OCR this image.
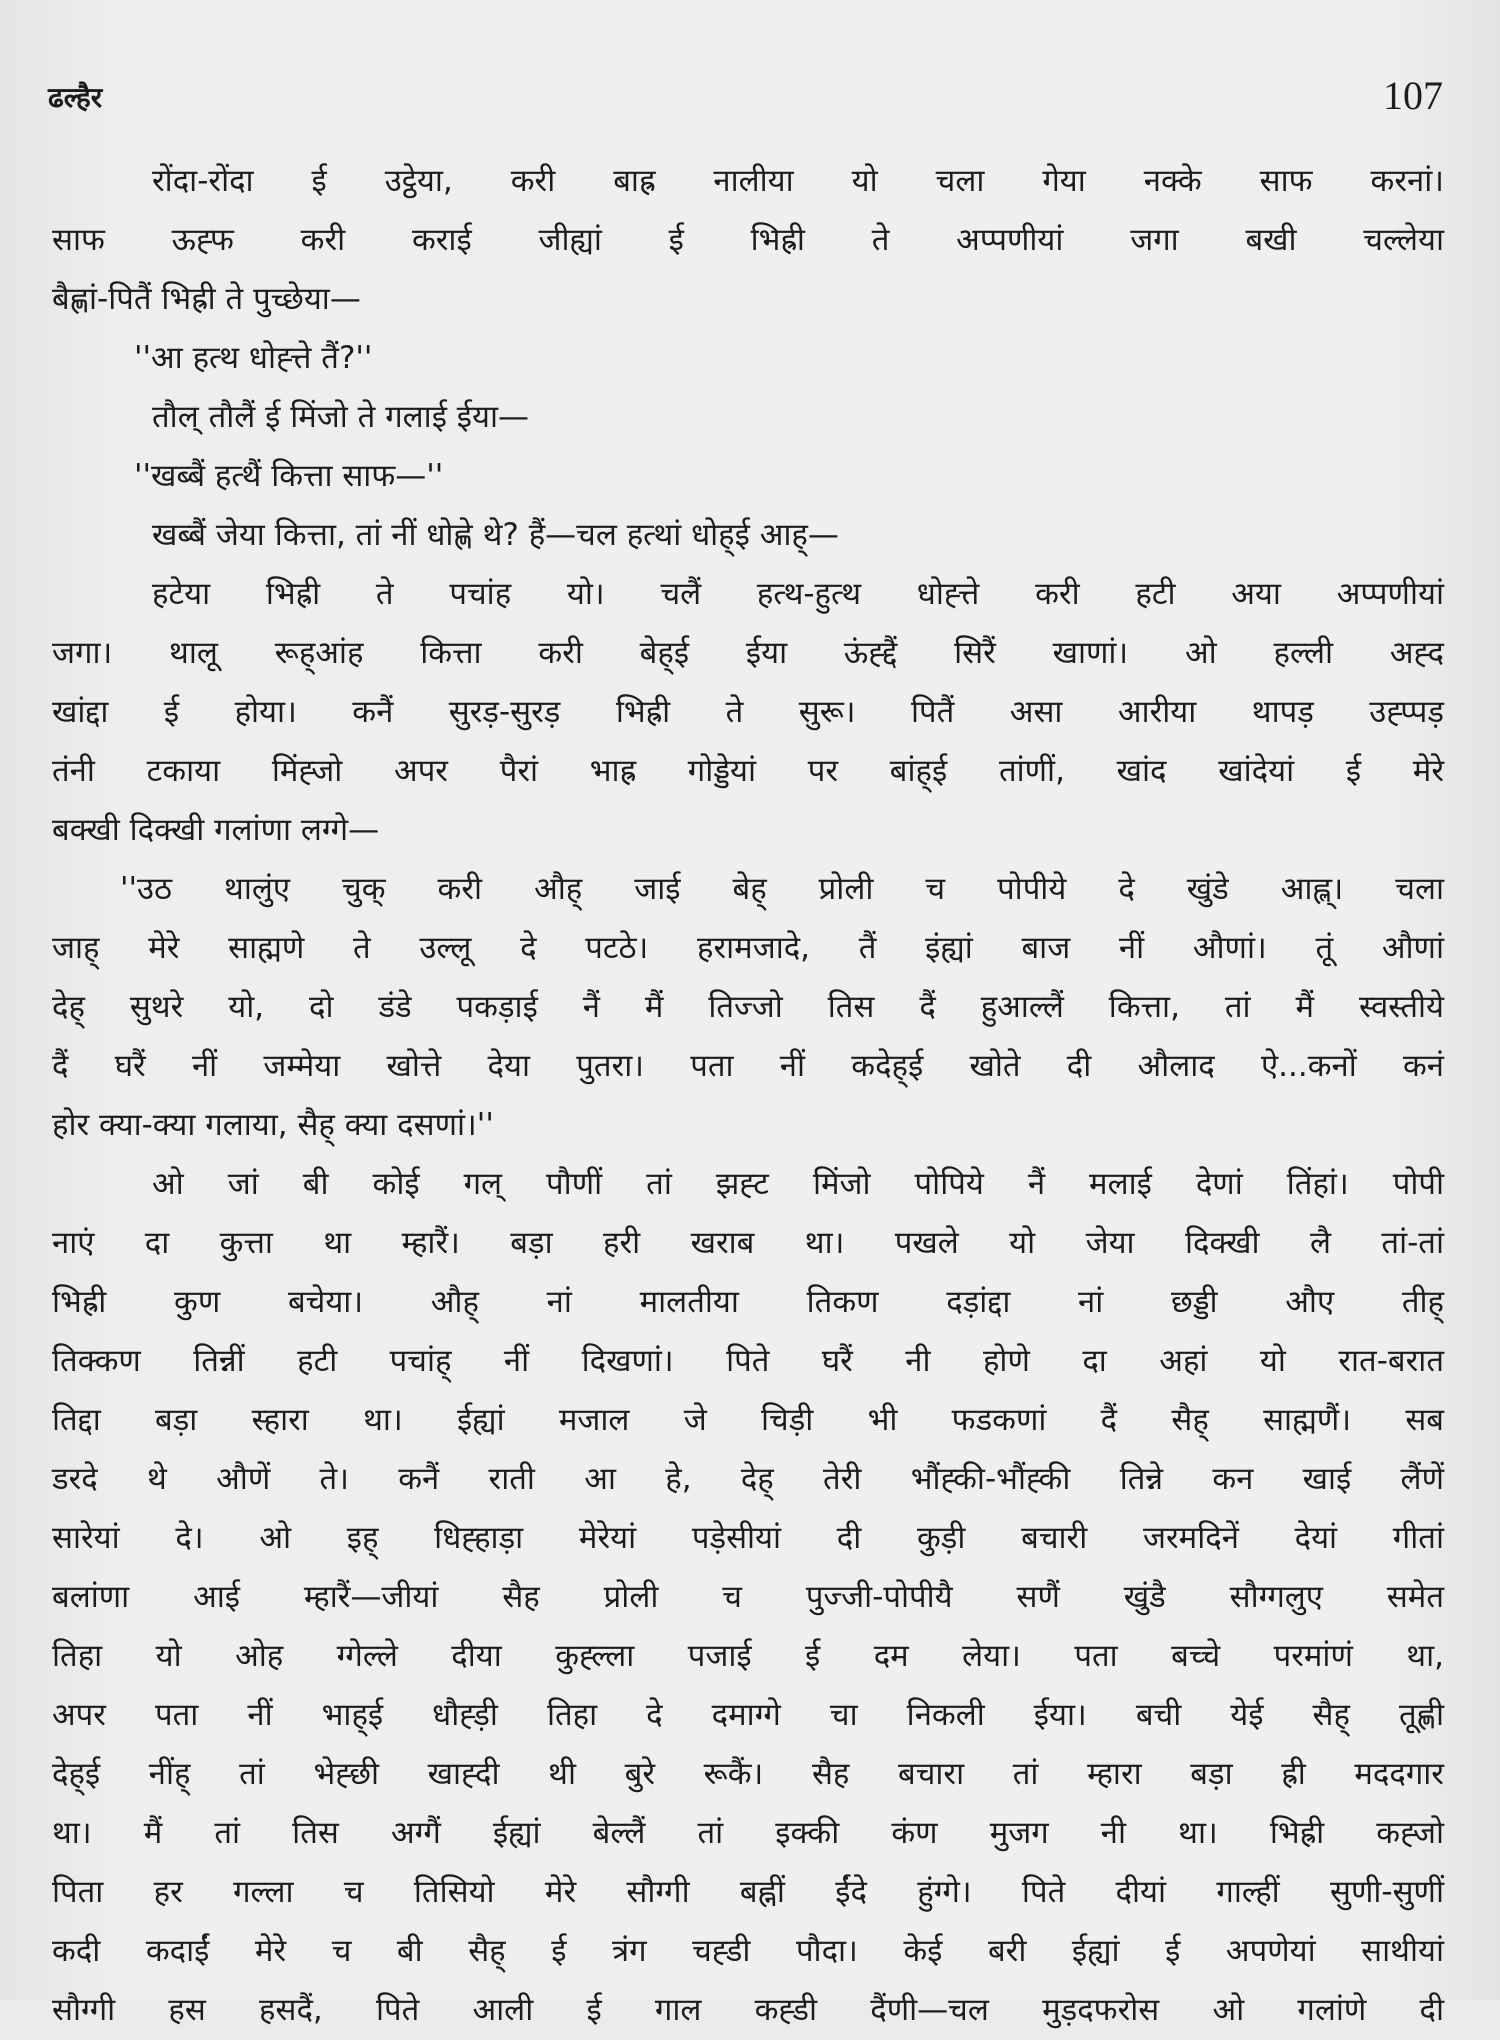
ढल्हैर	107
रोंदा-रोंदा ई उट्ठेया, करी बाह्र नालीया यो चला गेया नक्के साफ करनां।
साफ ऊह्फ करी कराई जीह्यां ई भिह्री ते अप्पणीयां जगा बखी चल्लेया
बैह्णां-पितैं भिह्री ते पुच्छेया—
''आ हत्थ धोह्त्ते तैं?''
तौल् तौलैं ई मिंजो ते गलाई ईया—
''खब्बैं हत्थैं कित्ता साफ—''
खब्बैं जेया कित्ता, तां नीं धोह्णे थे? हैं—चल हत्थां धोह्ई आह्—
हटेया भिह्री ते पचांह यो। चलैं हत्थ-हुत्थ धोह्त्ते करी हटी अया अप्पणीयां
जगा। थालू रूह्आंह कित्ता करी बेह्ई ईया ऊंह्द्दैं सिरैं खाणां। ओ हल्ली अह्द
खांद्दा ई होया। कनैं सुरड़-सुरड़ भिह्री ते सुरू। पितैं असा आरीया थापड़ उह्प्पड़
तंनी टकाया मिंह्जो अपर पैरां भाह्र गोड्डेयां पर बांह्ई तांणीं, खांद खांदेयां ई मेरे
बक्खी दिक्खी गलांणा लग्गे—
''उठ थालुंए चुक् करी औह् जाई बेह् प्रोली च पोपीये दे खुंडे आह्ल्। चला
जाह् मेरे साह्मणे ते उल्लू दे पटठे। हरामजादे, तैं इंह्यां बाज नीं औणां। तूं औणां
देह् सुथरे यो, दो डंडे पकड़ाई नैं मैं तिज्जो तिस दैं हुआल्लैं कित्ता, तां मैं स्वस्तीये
दैं घरैं नीं जम्मेया खोत्ते देया पुतरा। पता नीं कदेह्ई खोते दी औलाद ऐ...कनों कनं
होर क्या-क्या गलाया, सैह् क्या दसणां।''
ओ जां बी कोई गल् पौणीं तां झह्ट मिंजो पोपिये नैं मलाई देणां तिंहां। पोपी
नाएं दा कुत्ता था म्हारैं। बड़ा हरी खराब था। पखले यो जेया दिक्खी लै तां-तां
भिह्री कुण बचेया। औह् नां मालतीया तिकण दड़ांद्दा नां छड्डी औए तीह्
तिक्कण तिन्नीं हटी पचांह् नीं दिखणां। पिते घरैं नी होणे दा अहां यो रात-बरात
तिद्दा बड़ा स्हारा था। ईह्यां मजाल जे चिड़ी भी फडकणां दैं सैह् साह्मणैं। सब
डरदे थे औणें ते। कनैं राती आ हे, देह् तेरी भौंह्की-भौंह्की तिन्ने कन खाई लैंणें
सारेयां दे। ओ इह् धिह्हाड़ा मेरेयां पड़ेसीयां दी कुड़ी बचारी जरमदिनें देयां गीतां
बलांणा आई म्हारैं—जीयां सैह प्रोली च पुज्जी-पोपीयै सणैं खुंडै सौग्गलुए समेत
तिहा यो ओह ग्गेल्ले दीया कुह्ल्ला पजाई ई दम लेया। पता बच्चे परमांणं था,
अपर पता नीं भाह्ई धौह्ड़ी तिहा दे दमाग्गे चा निकली ईया। बची येई सैह् तूह्णी
देह्ई नींह् तां भेह्छी खाह्दी थी बुरे रूकैं। सैह बचारा तां म्हारा बड़ा ह्री मददगार
था। मैं तां तिस अग्गैं ईह्यां बेल्लैं तां इक्की कंण मुजग नी था। भिह्री कह्जो
पिता हर गल्ला च तिसियो मेरे सौग्गी बह्नीं ईंदे हुंग्गे। पिते दीयां गाल्हीं सुणी-सुणीं
कदी कदाईं मेरे च बी सैह् ई त्रंग चह्डी पौदा। केई बरी ईह्यां ई अपणेयां साथीयां
सौग्गी हस हसदैं, पिते आली ई गाल कह्डी दैंणी—चल मुड़दफरोस ओ गलांणे दी
